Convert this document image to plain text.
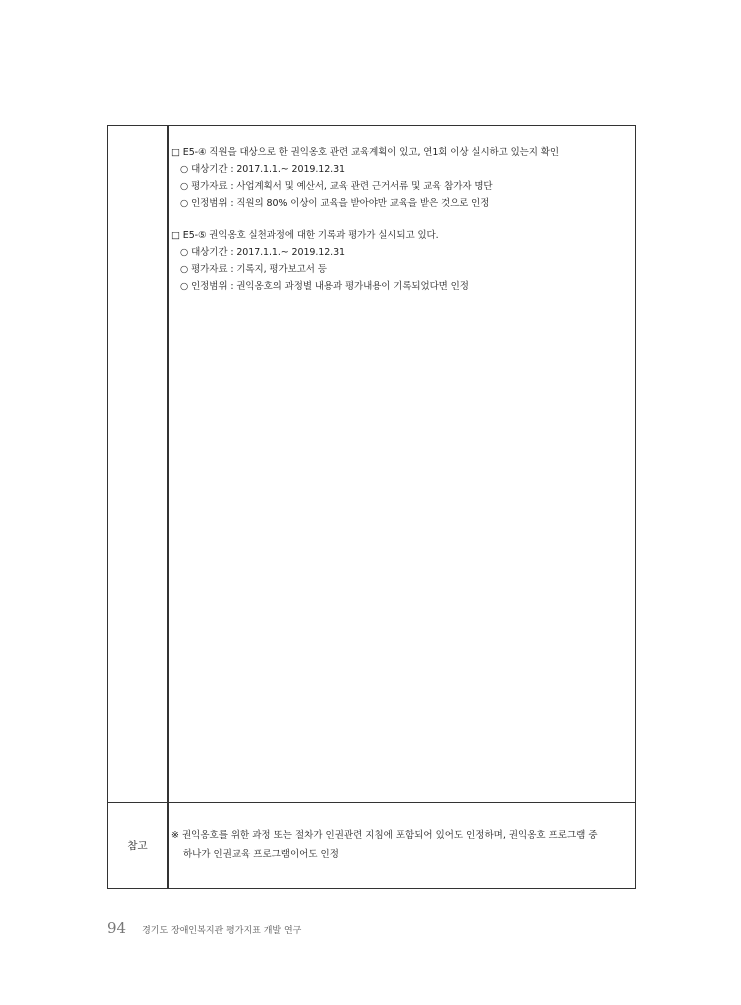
□ E5-④ 직원을 대상으로 한 권익옹호 관련 교육계획이 있고, 연1회 이상 실시하고 있는지 확인
○ 대상기간 : 2017.1.1.~ 2019.12.31
○ 평가자료 : 사업계획서 및 예산서, 교육 관련 근거서류 및 교육 참가자 명단
○ 인정범위 : 직원의 80% 이상이 교육을 받아야만 교육을 받은 것으로 인정
□ E5-⑤ 권익옹호 실천과정에 대한 기록과 평가가 실시되고 있다.
○ 대상기간 : 2017.1.1.~ 2019.12.31
○ 평가자료 : 기록지, 평가보고서 등
○ 인정범위 : 권익옹호의 과정별 내용과 평가내용이 기록되었다면 인정
참고
※ 권익옹호를 위한 과정 또는 절차가 인권관련 지침에 포함되어 있어도 인정하며, 권익옹호 프로그램 중
하나가 인권교육 프로그램이어도 인정
94 경기도 장애인복지관 평가지표 개발 연구
